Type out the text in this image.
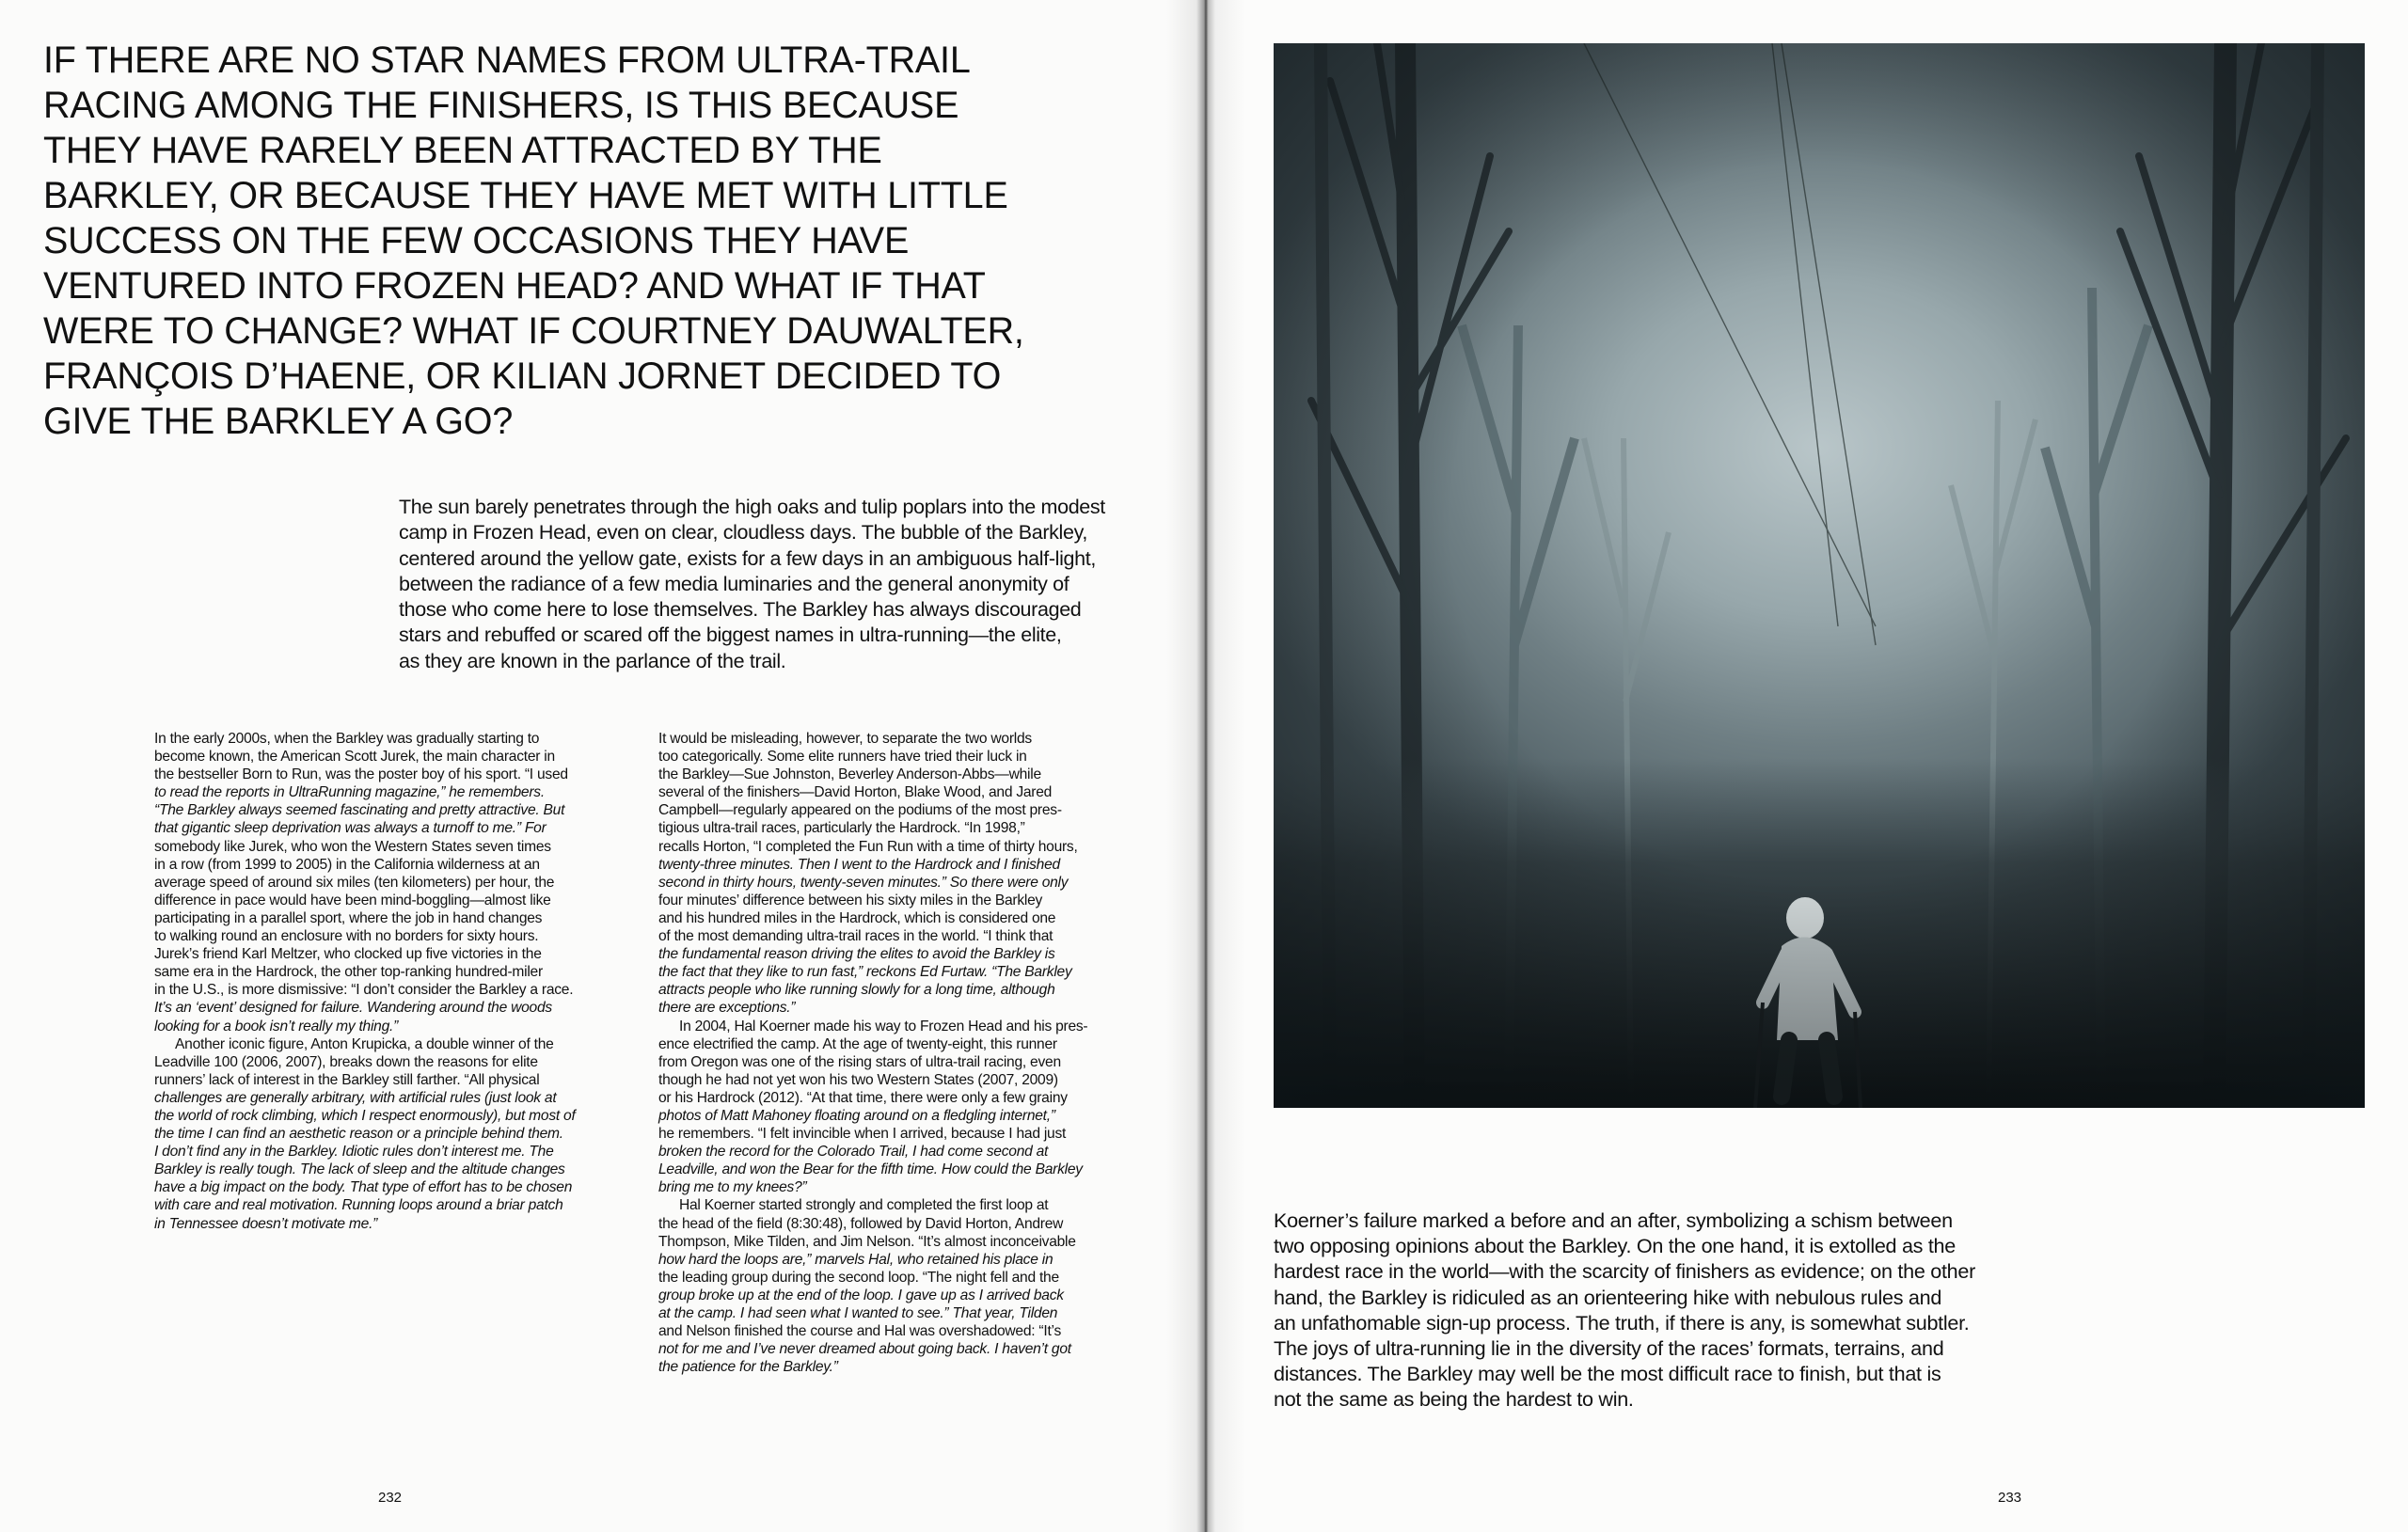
IF THERE ARE NO STAR NAMES FROM ULTRA-TRAIL
RACING AMONG THE FINISHERS, IS THIS BECAUSE
THEY HAVE RARELY BEEN ATTRACTED BY THE
BARKLEY, OR BECAUSE THEY HAVE MET WITH LITTLE
SUCCESS ON THE FEW OCCASIONS THEY HAVE
VENTURED INTO FROZEN HEAD? AND WHAT IF THAT
WERE TO CHANGE? WHAT IF COURTNEY DAUWALTER,
FRANÇOIS D’HAENE, OR KILIAN JORNET DECIDED TO
GIVE THE BARKLEY A GO?
The sun barely penetrates through the high oaks and tulip poplars into the modest
camp in Frozen Head, even on clear, cloudless days. The bubble of the Barkley,
centered around the yellow gate, exists for a few days in an ambiguous half-light,
between the radiance of a few media luminaries and the general anonymity of
those who come here to lose themselves. The Barkley has always discouraged
stars and rebuffed or scared off the biggest names in ultra-running—the elite,
as they are known in the parlance of the trail.
In the early 2000s, when the Barkley was gradually starting to
become known, the American Scott Jurek, the main character in
the bestseller Born to Run, was the poster boy of his sport. “I used
to read the reports in UltraRunning magazine,” he remembers.
“The Barkley always seemed fascinating and pretty attractive. But
that gigantic sleep deprivation was always a turnoff to me.” For
somebody like Jurek, who won the Western States seven times
in a row (from 1999 to 2005) in the California wilderness at an
average speed of around six miles (ten kilometers) per hour, the
difference in pace would have been mind-boggling—almost like
participating in a parallel sport, where the job in hand changes
to walking round an enclosure with no borders for sixty hours.
Jurek’s friend Karl Meltzer, who clocked up five victories in the
same era in the Hardrock, the other top-ranking hundred-miler
in the U.S., is more dismissive: “I don’t consider the Barkley a race.
It’s an ‘event’ designed for failure. Wandering around the woods
looking for a book isn’t really my thing.”
Another iconic figure, Anton Krupicka, a double winner of the
Leadville 100 (2006, 2007), breaks down the reasons for elite
runners’ lack of interest in the Barkley still farther. “All physical
challenges are generally arbitrary, with artificial rules (just look at
the world of rock climbing, which I respect enormously), but most of
the time I can find an aesthetic reason or a principle behind them.
I don’t find any in the Barkley. Idiotic rules don’t interest me. The
Barkley is really tough. The lack of sleep and the altitude changes
have a big impact on the body. That type of effort has to be chosen
with care and real motivation. Running loops around a briar patch
in Tennessee doesn’t motivate me.”
It would be misleading, however, to separate the two worlds
too categorically. Some elite runners have tried their luck in
the Barkley—Sue Johnston, Beverley Anderson-Abbs—while
several of the finishers—David Horton, Blake Wood, and Jared
Campbell—regularly appeared on the podiums of the most pres-
tigious ultra-trail races, particularly the Hardrock. “In 1998,”
recalls Horton, “I completed the Fun Run with a time of thirty hours,
twenty-three minutes. Then I went to the Hardrock and I finished
second in thirty hours, twenty-seven minutes.” So there were only
four minutes’ difference between his sixty miles in the Barkley
and his hundred miles in the Hardrock, which is considered one
of the most demanding ultra-trail races in the world. “I think that
the fundamental reason driving the elites to avoid the Barkley is
the fact that they like to run fast,” reckons Ed Furtaw. “The Barkley
attracts people who like running slowly for a long time, although
there are exceptions.”
In 2004, Hal Koerner made his way to Frozen Head and his pres-
ence electrified the camp. At the age of twenty-eight, this runner
from Oregon was one of the rising stars of ultra-trail racing, even
though he had not yet won his two Western States (2007, 2009)
or his Hardrock (2012). “At that time, there were only a few grainy
photos of Matt Mahoney floating around on a fledgling internet,”
he remembers. “I felt invincible when I arrived, because I had just
broken the record for the Colorado Trail, I had come second at
Leadville, and won the Bear for the fifth time. How could the Barkley
bring me to my knees?”
Hal Koerner started strongly and completed the first loop at
the head of the field (8:30:48), followed by David Horton, Andrew
Thompson, Mike Tilden, and Jim Nelson. “It’s almost inconceivable
how hard the loops are,” marvels Hal, who retained his place in
the leading group during the second loop. “The night fell and the
group broke up at the end of the loop. I gave up as I arrived back
at the camp. I had seen what I wanted to see.” That year, Tilden
and Nelson finished the course and Hal was overshadowed: “It’s
not for me and I’ve never dreamed about going back. I haven’t got
the patience for the Barkley.”
232
Koerner’s failure marked a before and an after, symbolizing a schism between
two opposing opinions about the Barkley. On the one hand, it is extolled as the
hardest race in the world—with the scarcity of finishers as evidence; on the other
hand, the Barkley is ridiculed as an orienteering hike with nebulous rules and
an unfathomable sign-up process. The truth, if there is any, is somewhat subtler.
The joys of ultra-running lie in the diversity of the races’ formats, terrains, and
distances. The Barkley may well be the most difficult race to finish, but that is
not the same as being the hardest to win.
233
